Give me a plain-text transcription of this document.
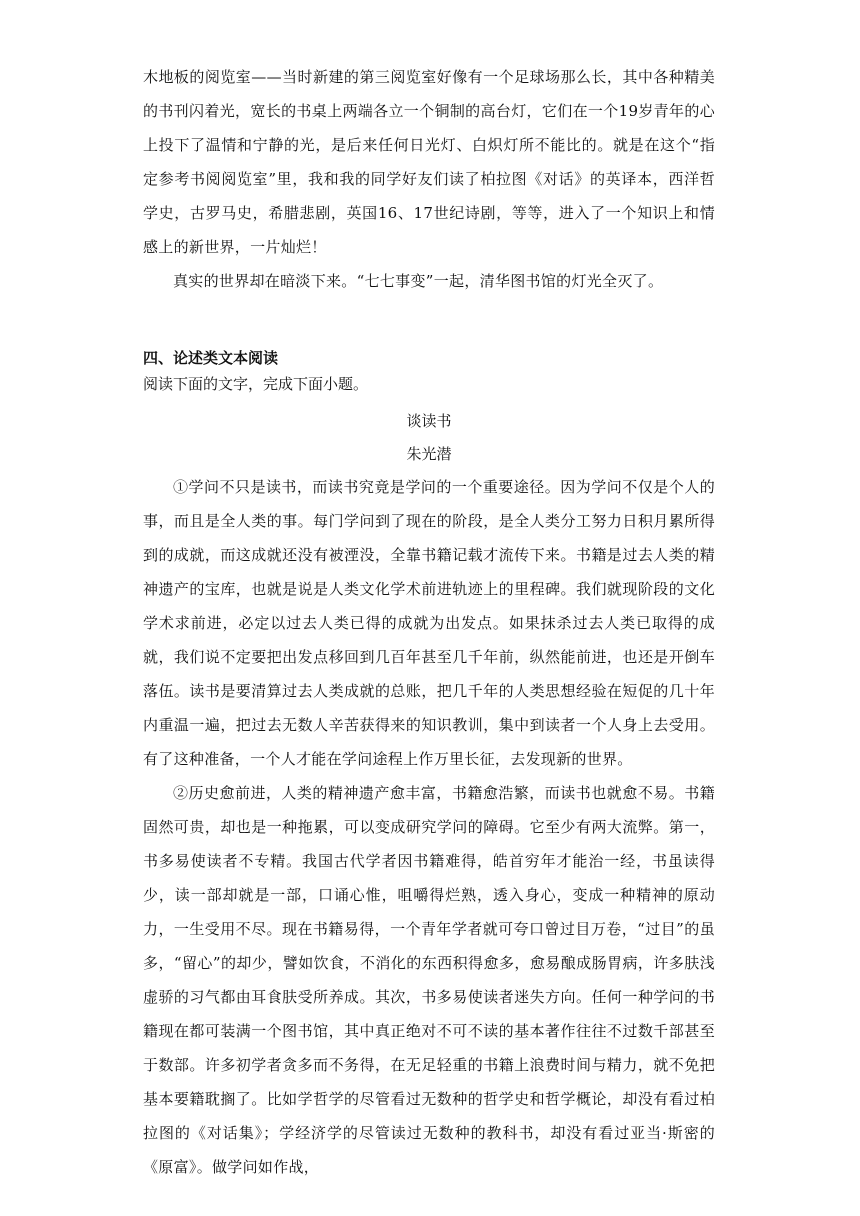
木地板的阅览室——当时新建的第三阅览室好像有一个足球场那么长，其中各种精美的书刊闪着光，宽长的书桌上两端各立一个铜制的高台灯，它们在一个19岁青年的心上投下了温情和宁静的光，是后来任何日光灯、白炽灯所不能比的。就是在这个“指定参考书阅阅览室”里，我和我的同学好友们读了柏拉图《对话》的英译本，西洋哲学史，古罗马史，希腊悲剧，英国16、17世纪诗剧，等等，进入了一个知识上和情感上的新世界，一片灿烂！

真实的世界却在暗淡下来。“七七事变”一起，清华图书馆的灯光全灭了。

四、论述类文本阅读

阅读下面的文字，完成下面小题。

谈读书

朱光潜

①学问不只是读书，而读书究竟是学问的一个重要途径。因为学问不仅是个人的事，而且是全人类的事。每门学问到了现在的阶段，是全人类分工努力日积月累所得到的成就，而这成就还没有被湮没，全靠书籍记载才流传下来。书籍是过去人类的精神遗产的宝库，也就是说是人类文化学术前进轨迹上的里程碑。我们就现阶段的文化学术求前进，必定以过去人类已得的成就为出发点。如果抹杀过去人类已取得的成就，我们说不定要把出发点移回到几百年甚至几千年前，纵然能前进，也还是开倒车落伍。读书是要清算过去人类成就的总账，把几千年的人类思想经验在短促的几十年内重温一遍，把过去无数人辛苦获得来的知识教训，集中到读者一个人身上去受用。有了这种准备，一个人才能在学问途程上作万里长征，去发现新的世界。

②历史愈前进，人类的精神遗产愈丰富，书籍愈浩繁，而读书也就愈不易。书籍固然可贵，却也是一种拖累，可以变成研究学问的障碍。它至少有两大流弊。第一，书多易使读者不专精。我国古代学者因书籍难得，皓首穷年才能治一经，书虽读得少，读一部却就是一部，口诵心惟，咀嚼得烂熟，透入身心，变成一种精神的原动力，一生受用不尽。现在书籍易得，一个青年学者就可夸口曾过目万卷，“过目”的虽多，“留心”的却少，譬如饮食，不消化的东西积得愈多，愈易酿成肠胃病，许多肤浅虚骄的习气都由耳食肤受所养成。其次，书多易使读者迷失方向。任何一种学问的书籍现在都可装满一个图书馆，其中真正绝对不可不读的基本著作往往不过数千部甚至于数部。许多初学者贪多而不务得，在无足轻重的书籍上浪费时间与精力，就不免把基本要籍耽搁了。比如学哲学的尽管看过无数种的哲学史和哲学概论，却没有看过柏拉图的《对话集》；学经济学的尽管读过无数种的教科书，却没有看过亚当·斯密的《原富》。做学问如作战，
